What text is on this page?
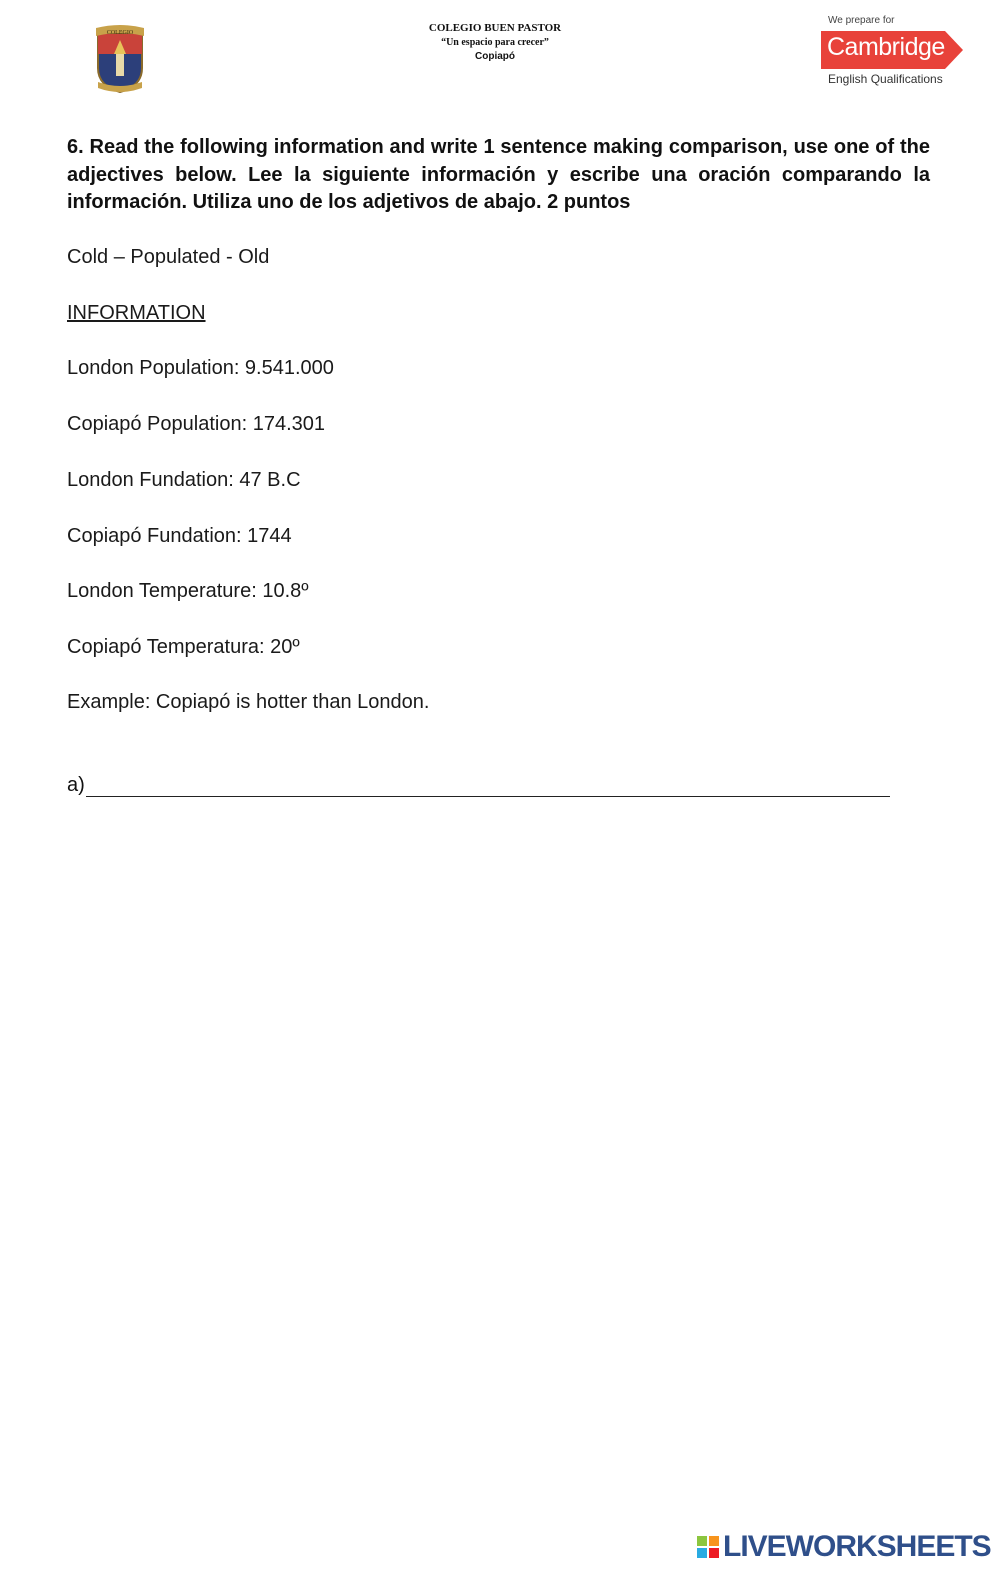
COLEGIO	COLEGIO BUEN PASTOR
“Un espacio para crecer”
Copiapó
We prepare for
Cambridge
English Qualifications
6. Read the following information and write 1 sentence making comparison, use one of the adjectives below. Lee la siguiente información y escribe una oración comparando la información. Utiliza uno de los adjetivos de abajo. 2 puntos
Cold – Populated - Old
INFORMATION
London Population: 9.541.000
Copiapó Population: 174.301
London Fundation: 47 B.C
Copiapó Fundation: 1744
London Temperature: 10.8º
Copiapó Temperatura: 20º
Example: Copiapó is hotter than London.
a)
LIVEWORKSHEETS
